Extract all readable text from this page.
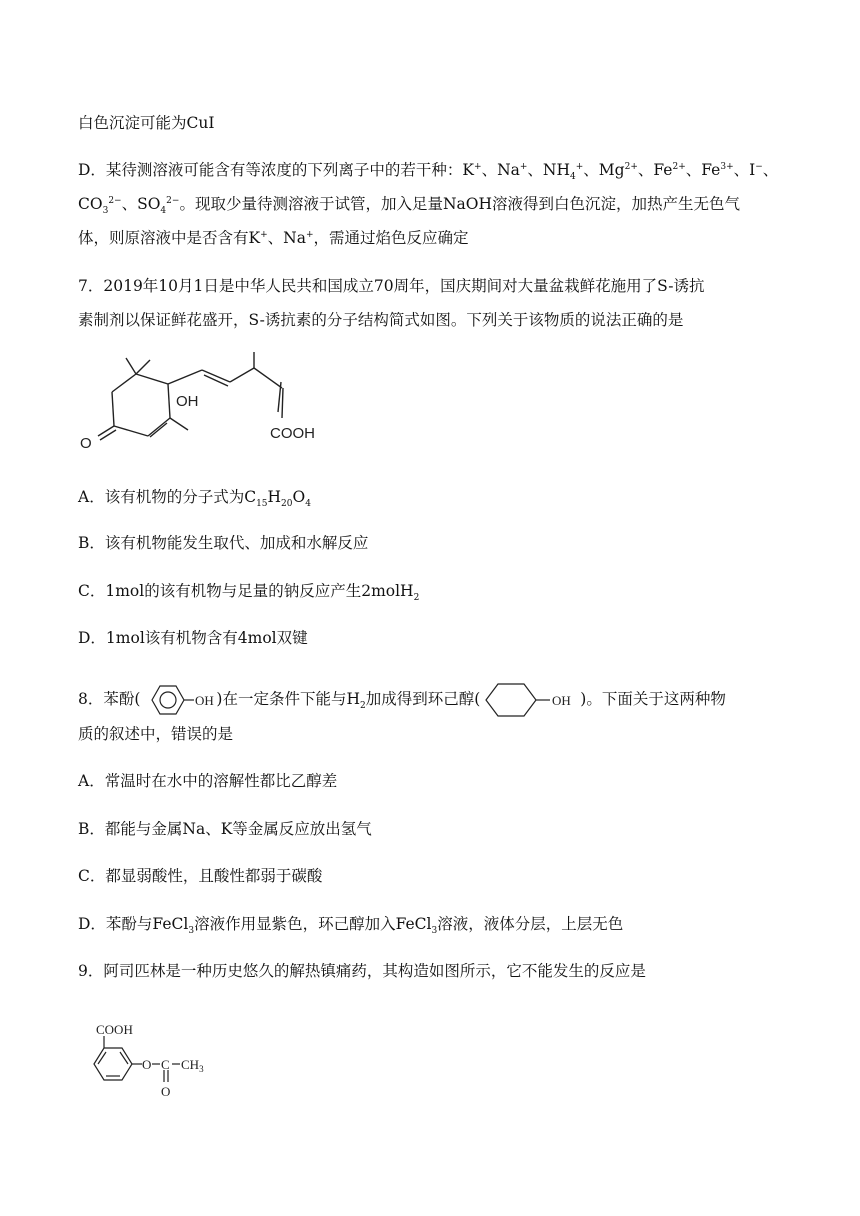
白色沉淀可能为CuI
D．某待测溶液可能含有等浓度的下列离子中的若干种：K+、Na+、$NH_4^+$、$Mg^{2+}$、$Fe^{2+}$、$Fe^{3+}$、I−、
$CO_3^{2-}$、$SO_4^{2-}$。现取少量待测溶液于试管，加入足量NaOH溶液得到白色沉淀，加热产生无色气
体，则原溶液中是否含有K+、Na+，需通过焰色反应确定
7．2019年10月1日是中华人民共和国成立70周年，国庆期间对大量盆栽鲜花施用了S-诱抗
素制剂以保证鲜花盛开，S-诱抗素的分子结构简式如图。下列关于该物质的说法正确的是
OH
COOH
O
A．该有机物的分子式为$C_{15}H_{20}O_4$
B．该有机物能发生取代、加成和水解反应
C．1mol的该有机物与足量的钠反应产生2molH$_2$
D．1mol该有机物含有4mol双键
8．苯酚(	OH )在一定条件下能与$H_2$加成得到环己醇(	OH )。下面关于这两种物
质的叙述中，错误的是
A．常温时在水中的溶解性都比乙醇差
B．都能与金属Na、K等金属反应放出氢气
C．都显弱酸性，且酸性都弱于碳酸
D．苯酚与FeCl$_3$溶液作用显紫色，环己醇加入FeCl$_3$溶液，液体分层，上层无色
9．阿司匹林是一种历史悠久的解热镇痛药，其构造如图所示，它不能发生的反应是
COOH
O C $CH_3$
O
